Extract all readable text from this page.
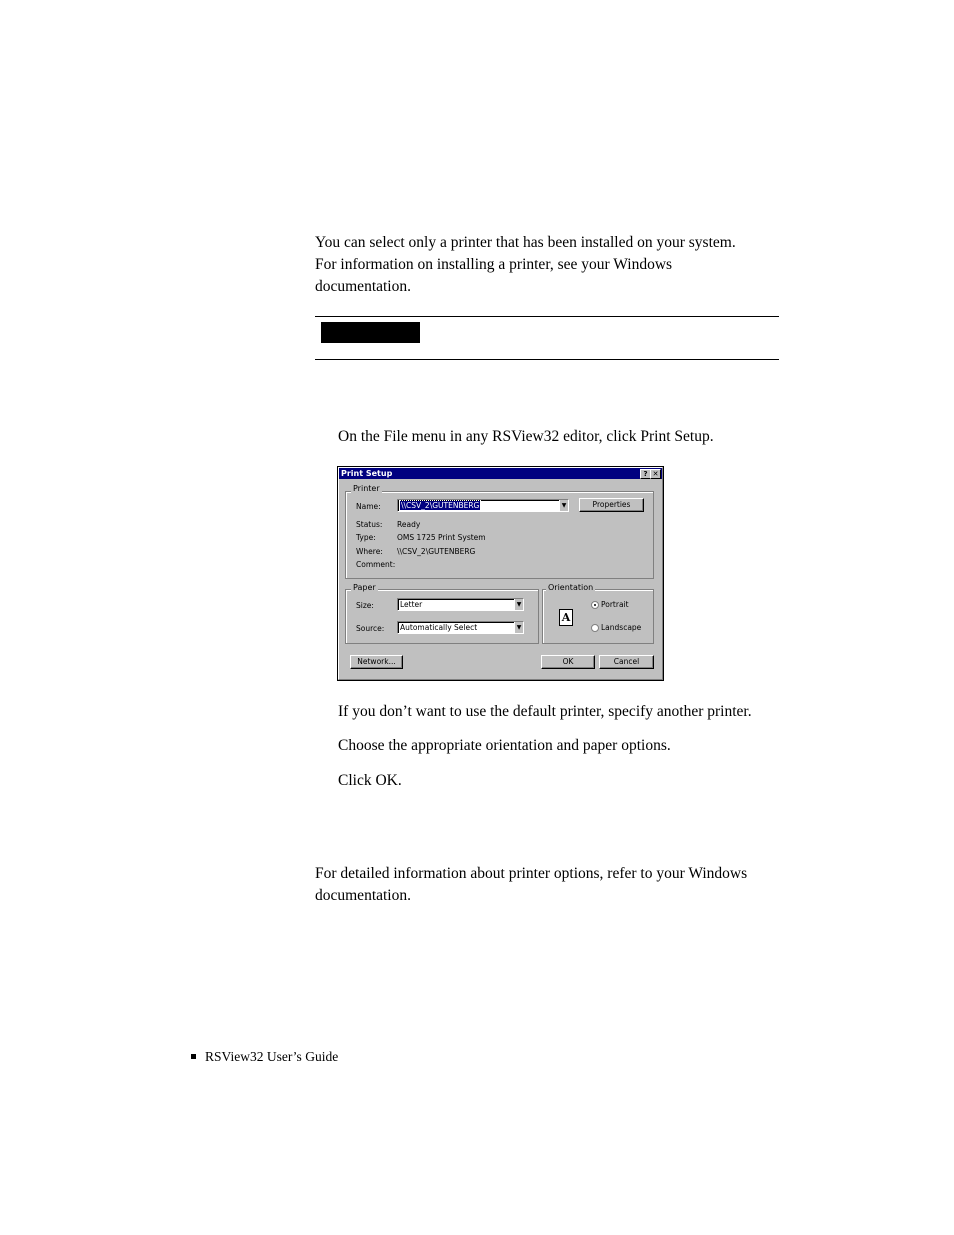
You can select only a printer that has been installed on your system.
For information on installing a printer, see your Windows
documentation.

On the File menu in any RSView32 editor, click Print Setup.

Print Setup	? ✕
Printer
Name:	\\CSV_2\GUTENBERG	▼	Properties
Status: Ready
Type:	OMS 1725 Print System
Where: \\CSV_2\GUTENBERG
Comment:
Paper
Size:	Letter	▼
Source: Automatically Select	▼
Orientation
A
Portrait
Landscape
Network...	OK	Cancel

If you don’t want to use the default printer, specify another printer.

Choose the appropriate orientation and paper options.

Click OK.

For detailed information about printer options, refer to your Windows
documentation.
RSView32 User’s Guide
